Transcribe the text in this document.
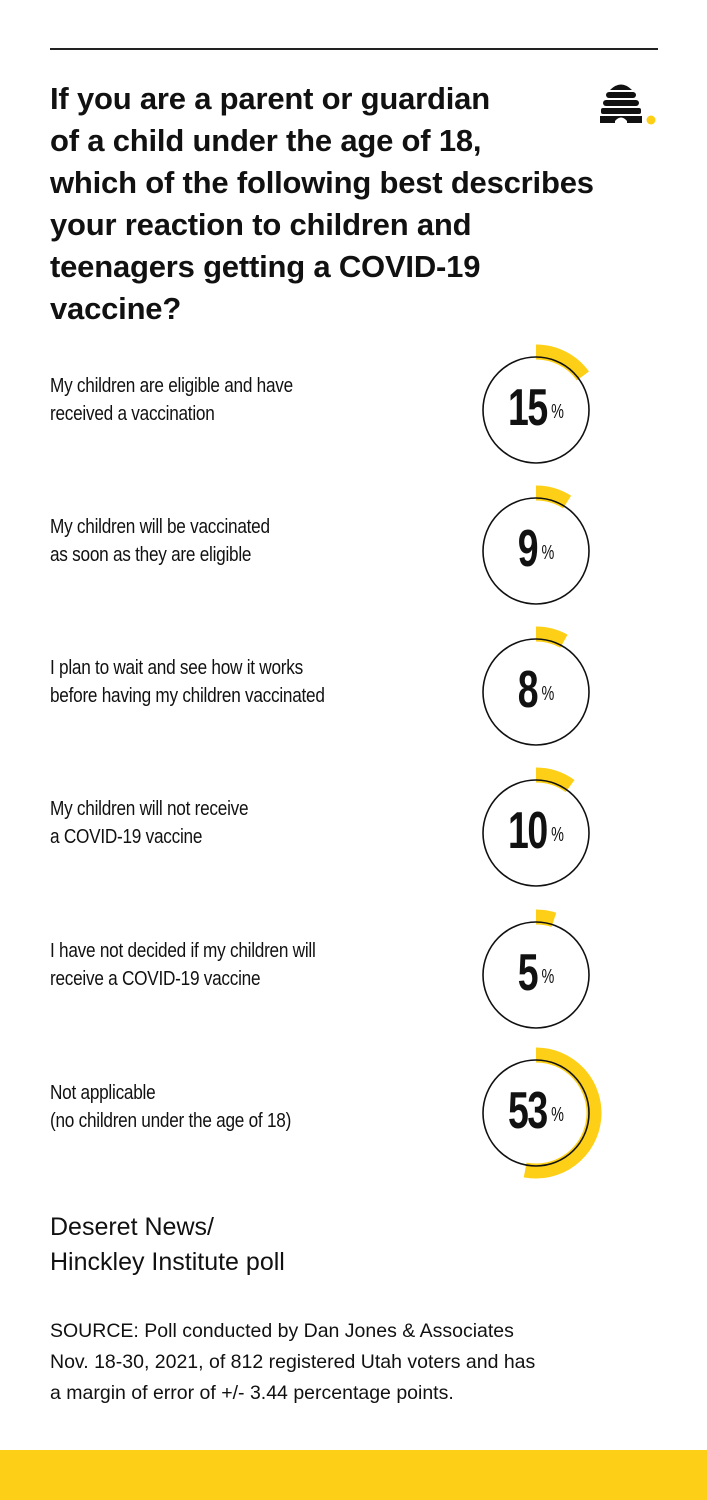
If you are a parent or guardian
of a child under the age of 18,
which of the following best describes
your reaction to children and
teenagers getting a COVID-19 vaccine?
My children are eligible and have
received a vaccination	15 %
My children will be vaccinated
as soon as they are eligible	9 %
I plan to wait and see how it works
before having my children vaccinated	8 %
My children will not receive
a COVID-19 vaccine	10 %
I have not decided if my children will
receive a COVID-19 vaccine	5 %
Not applicable
(no children under the age of 18)	53 %
Deseret News/
Hinckley Institute poll
SOURCE: Poll conducted by Dan Jones & Associates
Nov. 18-30, 2021, of 812 registered Utah voters and has
a margin of error of +/- 3.44 percentage points.
